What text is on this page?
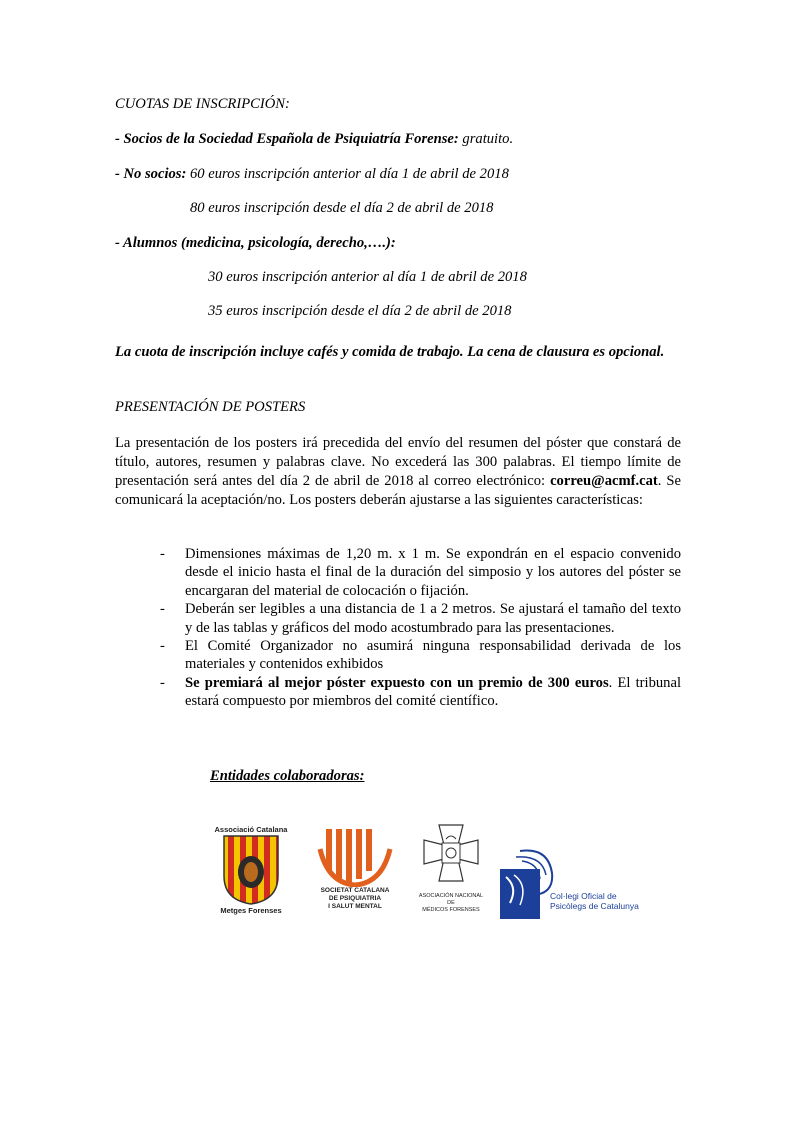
CUOTAS DE INSCRIPCIÓN:
- Socios de la Sociedad Española de Psiquiatría Forense: gratuito.
- No socios: 60 euros inscripción anterior al día 1 de abril de 2018
80 euros inscripción desde el día 2 de abril de 2018
- Alumnos (medicina, psicología, derecho,….):
30 euros inscripción anterior al día 1 de abril de 2018
35 euros inscripción desde el día 2 de abril de 2018
La cuota de inscripción incluye cafés y comida de trabajo. La cena de clausura es opcional.
PRESENTACIÓN DE POSTERS
La presentación de los posters irá precedida del envío del resumen del póster que constará de título, autores, resumen y palabras clave. No excederá las 300 palabras. El tiempo límite de presentación será antes del día 2 de abril de 2018 al correo electrónico: correu@acmf.cat. Se comunicará la aceptación/no. Los posters deberán ajustarse a las siguientes características:
- Dimensiones máximas de 1,20 m. x 1 m. Se expondrán en el espacio convenido desde el inicio hasta el final de la duración del simposio y los autores del póster se encargaran del material de colocación o fijación.
- Deberán ser legibles a una distancia de 1 a 2 metros. Se ajustará el tamaño del texto y de las tablas y gráficos del modo acostumbrado para las presentaciones.
- El Comité Organizador no asumirá ninguna responsabilidad derivada de los materiales y contenidos exhibidos
- Se premiará al mejor póster expuesto con un premio de 300 euros. El tribunal estará compuesto por miembros del comité científico.
Entidades colaboradoras:
Associació Catalana
Metges Forenses
SOCIETAT CATALANA
DE PSIQUIATRIA
I SALUT MENTAL
ASOCIACIÓN NACIONAL
DE
MÉDICOS FORENSES
Col·legi Oficial de
Psicòlegs de Catalunya
